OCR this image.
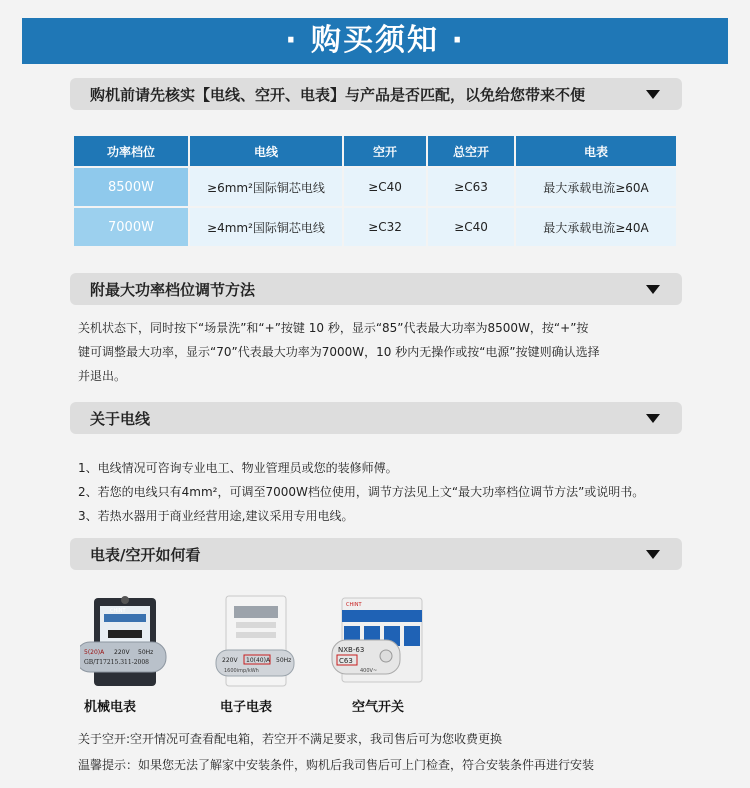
· 购买须知 ·
购机前请先核实【电线、空开、电表】与产品是否匹配，以免给您带来不便
功率档位	电线	空开	总空开	电表
8500W	≥6mm²国际铜芯电线	≥C40	≥C63	最大承载电流≥60A
7000W	≥4mm²国际铜芯电线	≥C32	≥C40	最大承载电流≥40A
附最大功率档位调节方法
关机状态下，同时按下“场景洗”和“+”按键 10 秒，显示“85”代表最大功率为8500W，按“+”按
键可调整最大功率，显示“70”代表最大功率为7000W，10 秒内无操作或按“电源”按键则确认选择
并退出。
关于电线
1、电线情况可咨询专业电工、物业管理员或您的装修师傅。
2、若您的电线只有4mm²，可调至7000W档位使用，调节方法见上文“最大功率档位调节方法”或说明书。
3、若热水器用于商业经营用途,建议采用专用电线。
电表/空开如何看
5(20)A 220V 50Hz
GB/T17215.311-2008
CHINT
机械电表
220V 10(40)A 50Hz
1600imp/kWh
电子电表
NXB-63
C63
400V~
CHINT
空气开关
关于空开:空开情况可查看配电箱，若空开不满足要求，我司售后可为您收费更换
温馨提示：如果您无法了解家中安装条件，购机后我司售后可上门检查，符合安装条件再进行安装
